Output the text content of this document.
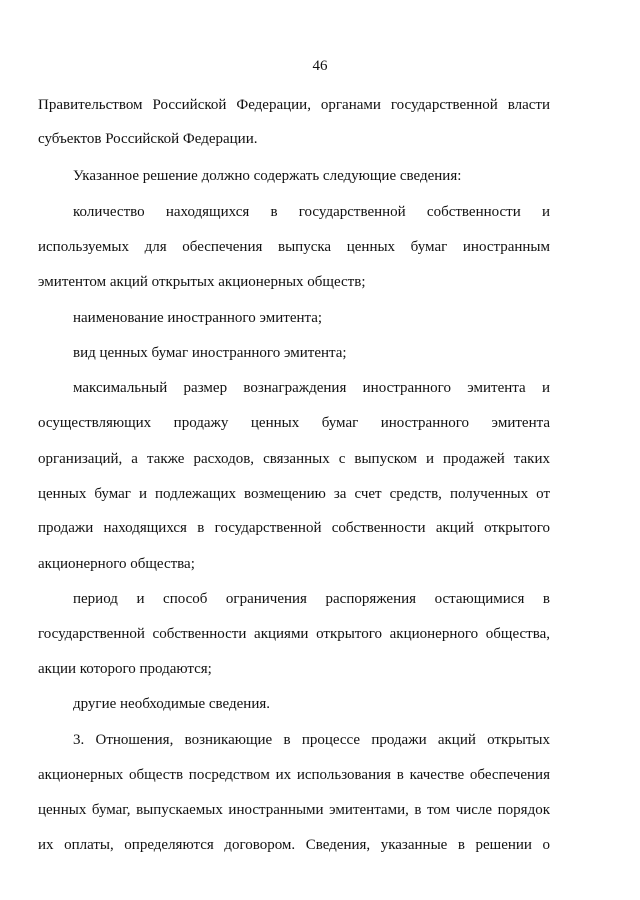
46
Правительством Российской Федерации, органами государственной власти
субъектов Российской Федерации.
Указанное решение должно содержать следующие сведения:
количество находящихся в государственной собственности и
используемых для обеспечения выпуска ценных бумаг иностранным
эмитентом акций открытых акционерных обществ;
наименование иностранного эмитента;
вид ценных бумаг иностранного эмитента;
максимальный размер вознаграждения иностранного эмитента и
осуществляющих продажу ценных бумаг иностранного эмитента
организаций, а также расходов, связанных с выпуском и продажей таких
ценных бумаг и подлежащих возмещению за счет средств, полученных от
продажи находящихся в государственной собственности акций открытого
акционерного общества;
период и способ ограничения распоряжения остающимися в
государственной собственности акциями открытого акционерного общества,
акции которого продаются;
другие необходимые сведения.
3. Отношения, возникающие в процессе продажи акций открытых
акционерных обществ посредством их использования в качестве обеспечения
ценных бумаг, выпускаемых иностранными эмитентами, в том числе порядок
их оплаты, определяются договором. Сведения, указанные в решении о
